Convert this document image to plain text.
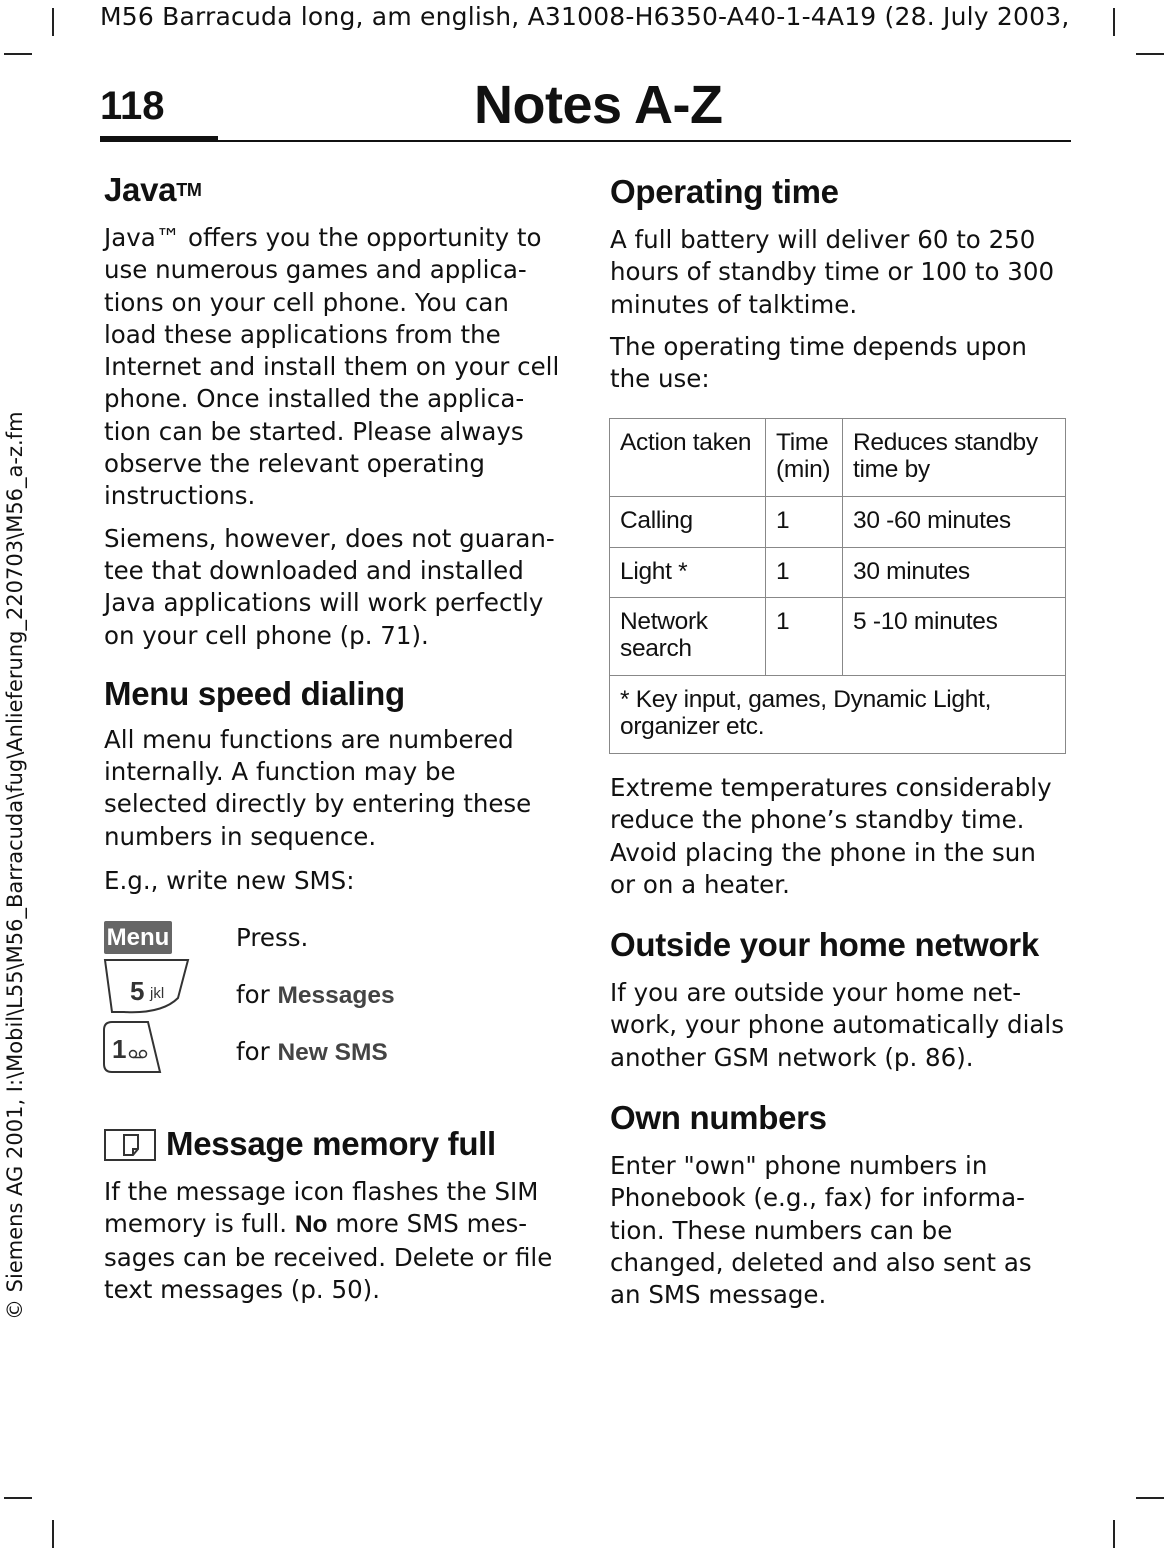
M56 Barracuda long, am english, A31008-H6350-A40-1-4A19 (28. July 2003,
© Siemens AG 2001, I:\Mobil\L55\M56_Barracuda\fug\Anlieferung_220703\M56_a-z.fm
118	Notes A-Z
Java™

Java™ offers you the opportunity to use numerous games and applica-tions on your cell phone. You can load these applications from the Internet and install them on your cell phone. Once installed the applica-tion can be started. Please always observe the relevant operating instructions.

Siemens, however, does not guaran-tee that downloaded and installed Java applications will work perfectly on your cell phone (p. 71).

Menu speed dialing

All menu functions are numbered internally. A function may be selected directly by entering these numbers in sequence.

E.g., write new SMS:

Menu	Press.
5 jkl	for Messages
1	for New SMS
Message memory full

If the message icon flashes the SIM memory is full. No more SMS mes-sages can be received. Delete or file text messages (p. 50).

Operating time

A full battery will deliver 60 to 250 hours of standby time or 100 to 300 minutes of talktime.

The operating time depends upon the use:

Action taken	Time (min)	Reduces standby time by
Calling	1	30 -60 minutes
Light *	1	30 minutes
Network search	1	5 -10 minutes
* Key input, games, Dynamic Light, organizer etc.		

Extreme temperatures considerably reduce the phone’s standby time. Avoid placing the phone in the sun or on a heater.

Outside your home network

If you are outside your home net-work, your phone automatically dials another GSM network (p. 86).

Own numbers

Enter "own" phone numbers in Phonebook (e.g., fax) for informa-tion. These numbers can be changed, deleted and also sent as an SMS message.
